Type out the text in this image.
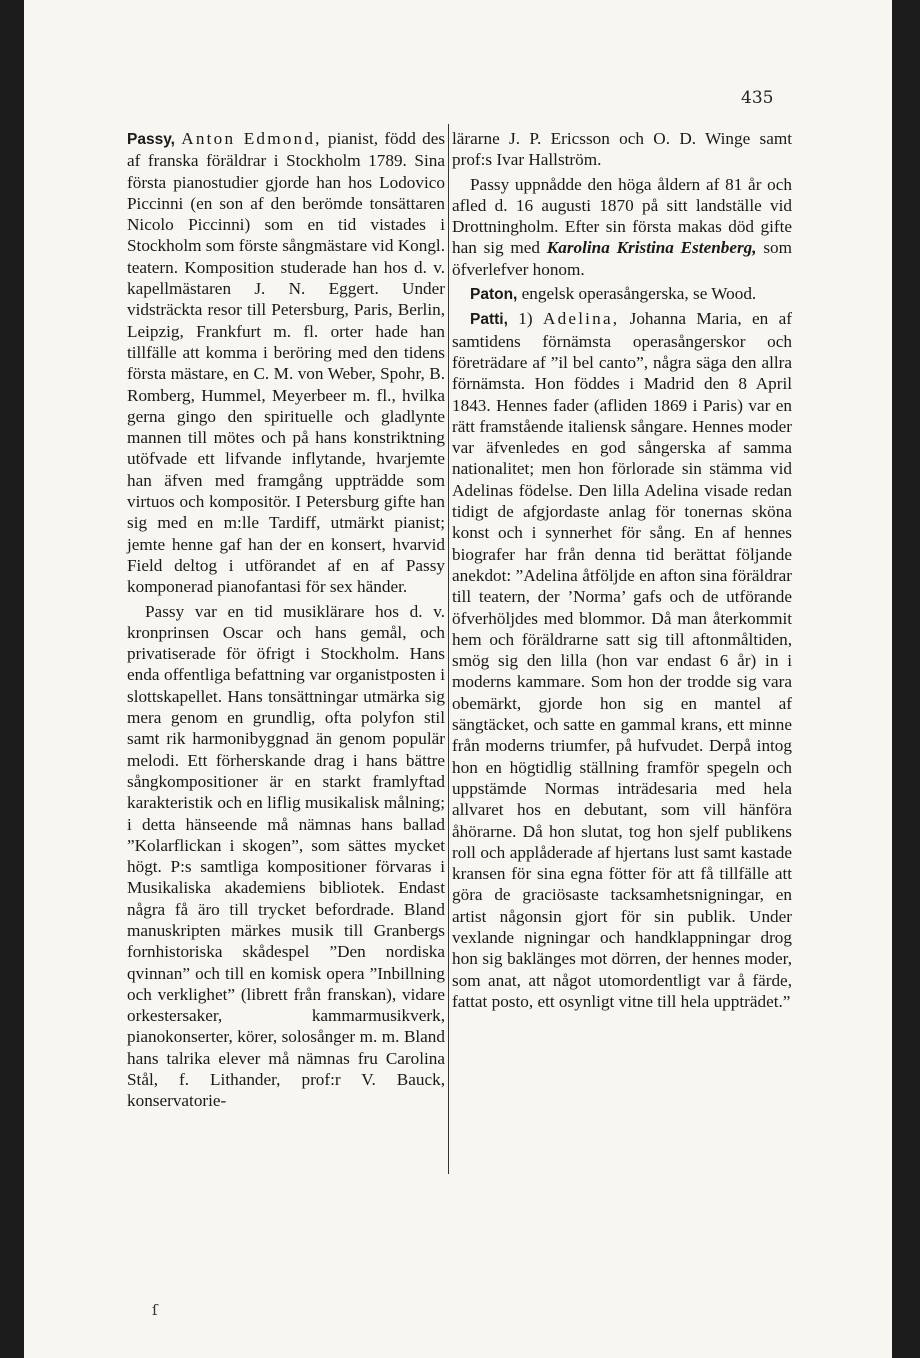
435

Passy, Anton Edmond, pianist, född des af franska föräldrar i Stockholm 1789. Sina första pianostudier gjorde han hos Lodovico Piccinni (en son af den berömde tonsättaren Nicolo Piccinni) som en tid vistades i Stockholm som förste sångmästare vid Kongl. teatern. Komposition studerade han hos d. v. kapellmästaren J. N. Eggert. Under vidsträckta resor till Petersburg, Paris, Berlin, Leipzig, Frankfurt m. fl. orter hade han tillfälle att komma i beröring med den tidens första mästare, en C. M. von Weber, Spohr, B. Romberg, Hummel, Meyerbeer m. fl., hvilka gerna gingo den spirituelle och gladlynte mannen till mötes och på hans konstriktning utöfvade ett lifvande inflytande, hvarjemte han äfven med framgång uppträdde som virtuos och kompositör. I Petersburg gifte han sig med en m:lle Tardiff, utmärkt pianist; jemte henne gaf han der en konsert, hvarvid Field deltog i utförandet af en af Passy komponerad pianofantasi för sex händer.

Passy var en tid musiklärare hos d. v. kronprinsen Oscar och hans gemål, och privatiserade för öfrigt i Stockholm. Hans enda offentliga befattning var organistposten i slottskapellet. Hans tonsättningar utmärka sig mera genom en grundlig, ofta polyfon stil samt rik harmonibyggnad än genom populär melodi. Ett förherskande drag i hans bättre sångkompositioner är en starkt framlyftad karakteristik och en liflig musikalisk målning; i detta hänseende må nämnas hans ballad ”Kolarflickan i skogen”, som sättes mycket högt. P:s samtliga kompositioner förvaras i Musikaliska akademiens bibliotek. Endast några få äro till trycket befordrade. Bland manuskripten märkes musik till Granbergs fornhistoriska skådespel ”Den nordiska qvinnan” och till en komisk opera ”Inbillning och verklighet” (librett från franskan), vidare orkestersaker, kammarmusikverk, pianokonserter, körer, solosånger m. m. Bland hans talrika elever må nämnas fru Carolina Stål, f. Lithander, prof:r V. Bauck, konservatorie-

lärarne J. P. Ericsson och O. D. Winge samt prof:s Ivar Hallström.

Passy uppnådde den höga åldern af 81 år och afled d. 16 augusti 1870 på sitt landställe vid Drottningholm. Efter sin första makas död gifte han sig med Karolina Kristina Estenberg, som öfverlefver honom.

Paton, engelsk operasångerska, se Wood.

Patti, 1) Adelina, Johanna Maria, en af samtidens förnämsta operasångerskor och företrädare af ”il bel canto”, några säga den allra förnämsta. Hon föddes i Madrid den 8 April 1843. Hennes fader (afliden 1869 i Paris) var en rätt framstående italiensk sångare. Hennes moder var äfvenledes en god sångerska af samma nationalitet; men hon förlorade sin stämma vid Adelinas födelse. Den lilla Adelina visade redan tidigt de afgjordaste anlag för tonernas sköna konst och i synnerhet för sång. En af hennes biografer har från denna tid berättat följande anekdot: ”Adelina åtföljde en afton sina föräldrar till teatern, der ’Norma’ gafs och de utförande öfverhöljdes med blommor. Då man återkommit hem och föräldrarne satt sig till aftonmåltiden, smög sig den lilla (hon var endast 6 år) in i moderns kammare. Som hon der trodde sig vara obemärkt, gjorde hon sig en mantel af sängtäcket, och satte en gammal krans, ett minne från moderns triumfer, på hufvudet. Derpå intog hon en högtidlig ställning framför spegeln och uppstämde Normas inträdesaria med hela allvaret hos en debutant, som vill hänföra åhörarne. Då hon slutat, tog hon sjelf publikens roll och applåderade af hjertans lust samt kastade kransen för sina egna fötter för att få tillfälle att göra de graciösaste tacksamhetsnigningar, en artist någonsin gjort för sin publik. Under vexlande nigningar och handklappningar drog hon sig baklänges mot dörren, der hennes moder, som anat, att något utomordentligt var å färde, fattat posto, ett osynligt vitne till hela uppträdet.”

ſ
